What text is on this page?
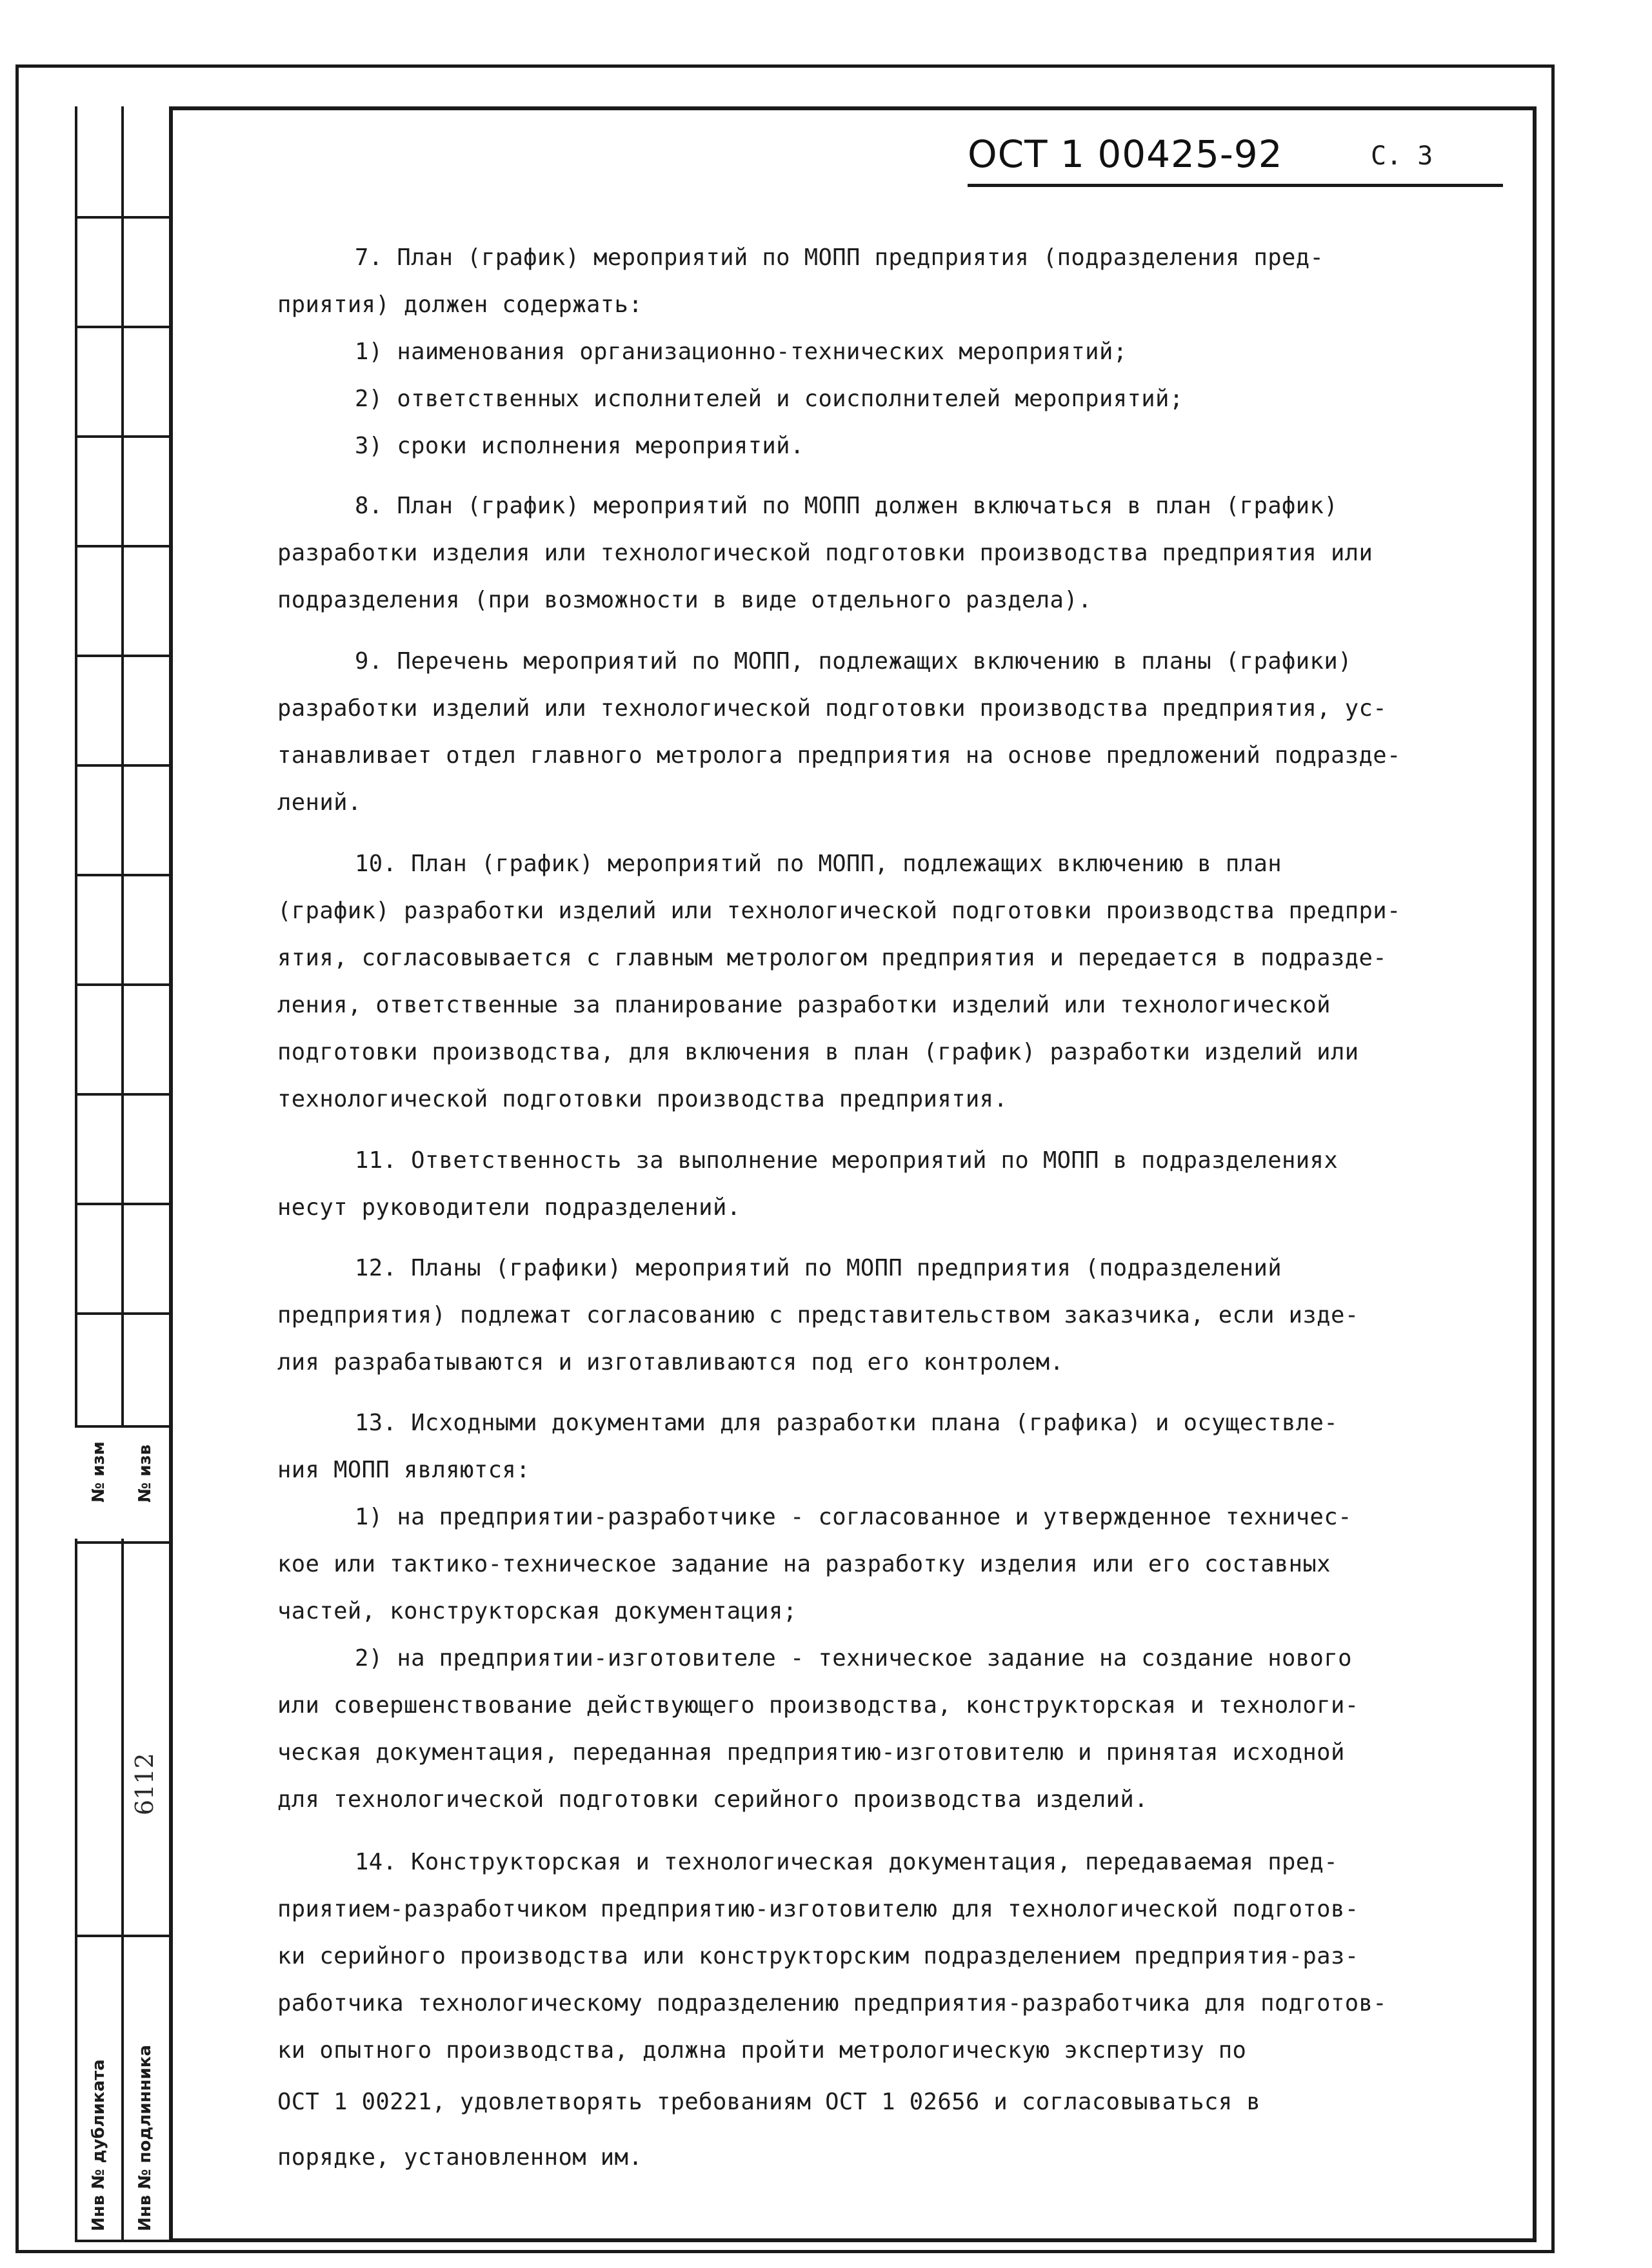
№ изм № изв
6112
Инв № дубликата Инв № подлинника
ОСТ 1 00425-92	С. 3
7. План (график) мероприятий по МОПП предприятия (подразделения пред-
приятия) должен содержать:
1) наименования организационно-технических мероприятий;
2) ответственных исполнителей и соисполнителей мероприятий;
3) сроки исполнения мероприятий.
8. План (график) мероприятий по МОПП должен включаться в план (график)
разработки изделия или технологической подготовки производства предприятия или
подразделения (при возможности в виде отдельного раздела).
9. Перечень мероприятий по МОПП, подлежащих включению в планы (графики)
разработки изделий или технологической подготовки производства предприятия, ус-
танавливает отдел главного метролога предприятия на основе предложений подразде-
лений.
10. План (график) мероприятий по МОПП, подлежащих включению в план
(график) разработки изделий или технологической подготовки производства предпри-
ятия, согласовывается с главным метрологом предприятия и передается в подразде-
ления, ответственные за планирование разработки изделий или технологической
подготовки производства, для включения в план (график) разработки изделий или
технологической подготовки производства предприятия.
11. Ответственность за выполнение мероприятий по МОПП в подразделениях
несут руководители подразделений.
12. Планы (графики) мероприятий по МОПП предприятия (подразделений
предприятия) подлежат согласованию с представительством заказчика, если изде-
лия разрабатываются и изготавливаются под его контролем.
13. Исходными документами для разработки плана (графика) и осуществле-
ния МОПП являются:
1) на предприятии-разработчике - согласованное и утвержденное техничес-
кое или тактико-техническое задание на разработку изделия или его составных
частей, конструкторская документация;
2) на предприятии-изготовителе - техническое задание на создание нового
или совершенствование действующего производства, конструкторская и технологи-
ческая документация, переданная предприятию-изготовителю и принятая исходной
для технологической подготовки серийного производства изделий.
14. Конструкторская и технологическая документация, передаваемая пред-
приятием-разработчиком предприятию-изготовителю для технологической подготов-
ки серийного производства или конструкторским подразделением предприятия-раз-
работчика технологическому подразделению предприятия-разработчика для подготов-
ки опытного производства, должна пройти метрологическую экспертизу по
ОСТ 1 00221, удовлетворять требованиям ОСТ 1 02656 и согласовываться в
порядке, установленном им.
